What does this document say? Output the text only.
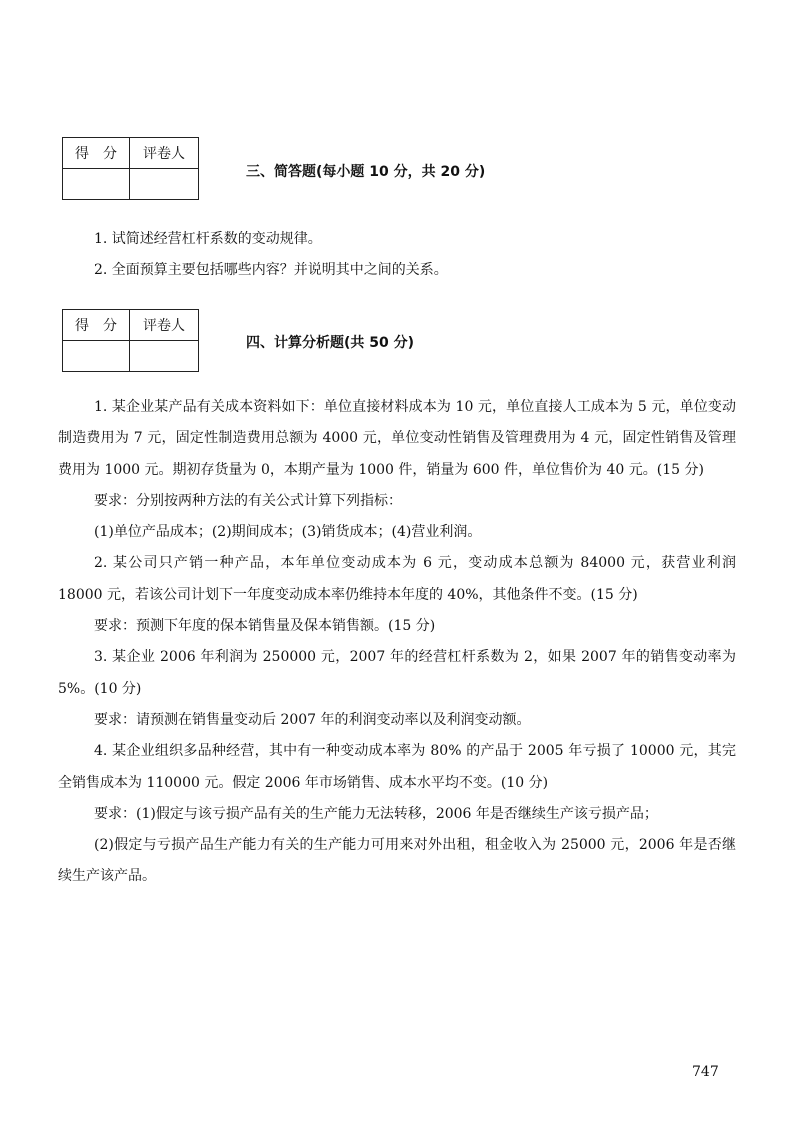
得　分	评卷人

三、简答题(每小题 10 分，共 20 分)

1. 试简述经营杠杆系数的变动规律。

2. 全面预算主要包括哪些内容？并说明其中之间的关系。

得　分	评卷人

四、计算分析题(共 50 分)

1. 某企业某产品有关成本资料如下：单位直接材料成本为 10 元，单位直接人工成本为 5 元，单位变动制造费用为 7 元，固定性制造费用总额为 4000 元，单位变动性销售及管理费用为 4 元，固定性销售及管理费用为 1000 元。期初存货量为 0，本期产量为 1000 件，销量为 600 件，单位售价为 40 元。(15 分)

要求：分别按两种方法的有关公式计算下列指标：

(1)单位产品成本；(2)期间成本；(3)销货成本；(4)营业利润。

2. 某公司只产销一种产品，本年单位变动成本为 6 元，变动成本总额为 84000 元，获营业利润 18000 元，若该公司计划下一年度变动成本率仍维持本年度的 40%，其他条件不变。(15 分)

要求：预测下年度的保本销售量及保本销售额。(15 分)

3. 某企业 2006 年利润为 250000 元，2007 年的经营杠杆系数为 2，如果 2007 年的销售变动率为 5%。(10 分)

要求：请预测在销售量变动后 2007 年的利润变动率以及利润变动额。

4. 某企业组织多品种经营，其中有一种变动成本率为 80% 的产品于 2005 年亏损了 10000 元，其完全销售成本为 110000 元。假定 2006 年市场销售、成本水平均不变。(10 分)

要求：(1)假定与该亏损产品有关的生产能力无法转移，2006 年是否继续生产该亏损产品；

(2)假定与亏损产品生产能力有关的生产能力可用来对外出租，租金收入为 25000 元，2006 年是否继续生产该产品。

747
